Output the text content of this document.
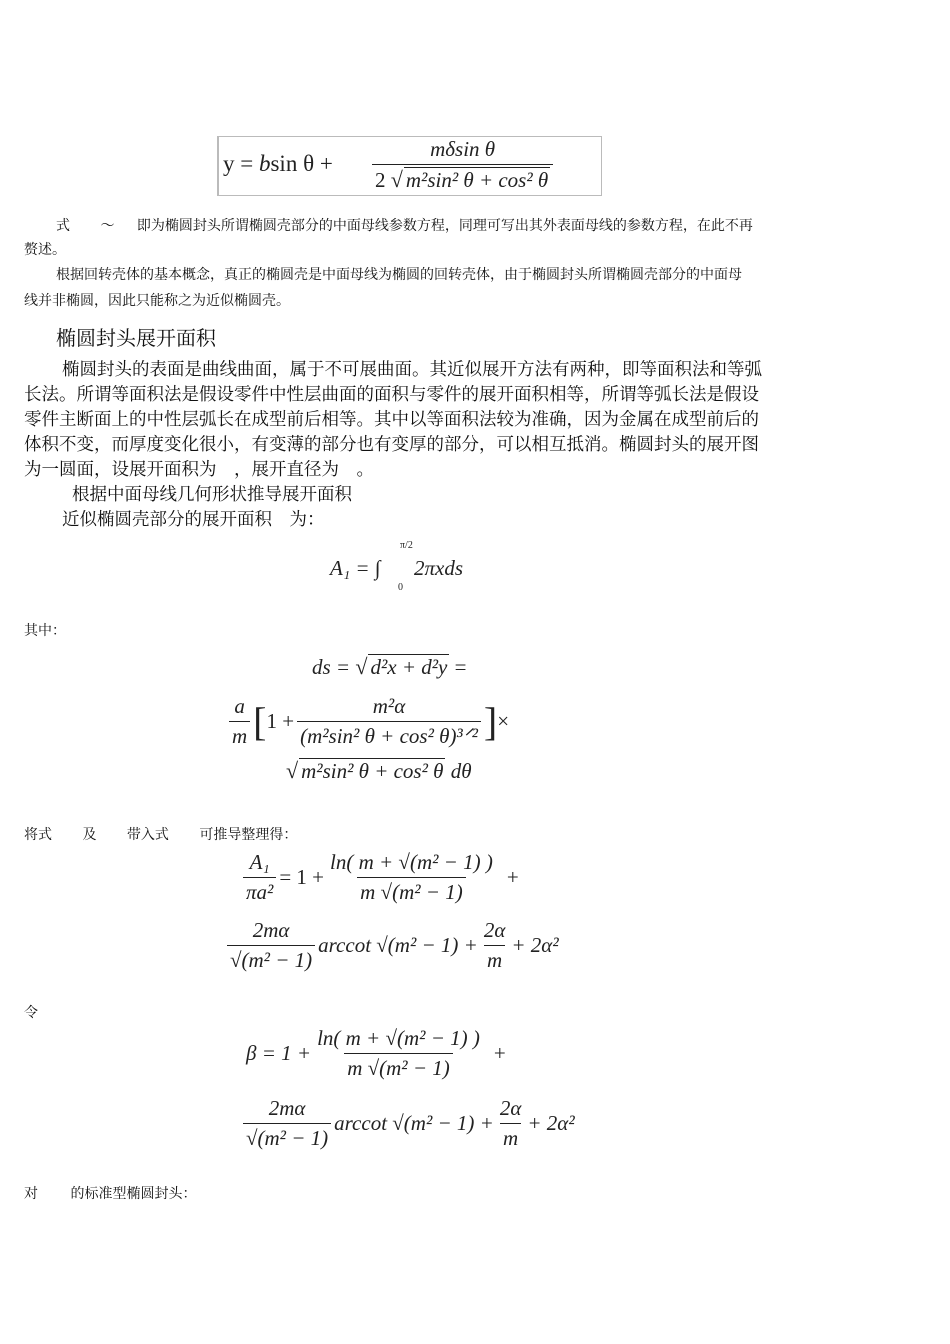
y = bsin $\theta + \frac{\text{mδsin θ}}{\text{2 √ m²sin² θ + cos² θ}}$
式 ～ 即为椭圆封头所谓椭圆壳部分的中面母线参数方程，同理可写出其外表面母线的参数方程，在此不再
赘述。
根据回转壳体的基本概念，真正的椭圆壳是中面母线为椭圆的回转壳体，由于椭圆封头所谓椭圆壳部分的中面母
线并非椭圆，因此只能称之为近似椭圆壳。
椭圆封头展开面积
椭圆封头的表面是曲线曲面，属于不可展曲面。其近似展开方法有两种，即等面积法和等弧
长法。所谓等面积法是假设零件中性层曲面的面积与零件的展开面积相等，所谓等弧长法是假设
零件主断面上的中性层弧长在成型前后相等。其中以等面积法较为准确，因为金属在成型前后的
体积不变，而厚度变化很小，有变薄的部分也有变厚的部分，可以相互抵消。椭圆封头的展开图
为一圆面，设展开面积为　，展开直径为　。
根据中面母线几何形状推导展开面积
近似椭圆壳部分的展开面积　为：
A₁ = ∫
π/2
0
2πxds
其中：
ds = √ d²x + d²y =
$\frac{a}{m}$ [ $1 + \frac{\text{m²α}}{\text{(m²sin² θ + cos² θ)³ᐟ²}}$ ] ×
√ m²sin² θ + cos² θ dθ
将式 及 带入式 可推导整理得：
$\frac{\text{A₁}}{\text{πa²}} = 1 + \frac{\text{ln( m + √(m² − 1) )}}{\text{m √(m² − 1)}}$ +
$\frac{2m\alpha}{\text{√(m² − 1)}}$ arccot $√(m^2 - 1) + \frac{2\alpha}{m} + 2\alpha^2$
令
$\beta = 1 + \frac{\text{ln( m + √(m² − 1) )}}{\text{m √(m² − 1)}}$ +
$\frac{2m\alpha}{\text{√(m² − 1)}}$ arccot $√(m^2 - 1) + \frac{2\alpha}{m} + 2\alpha^2$
对 的标准型椭圆封头：
